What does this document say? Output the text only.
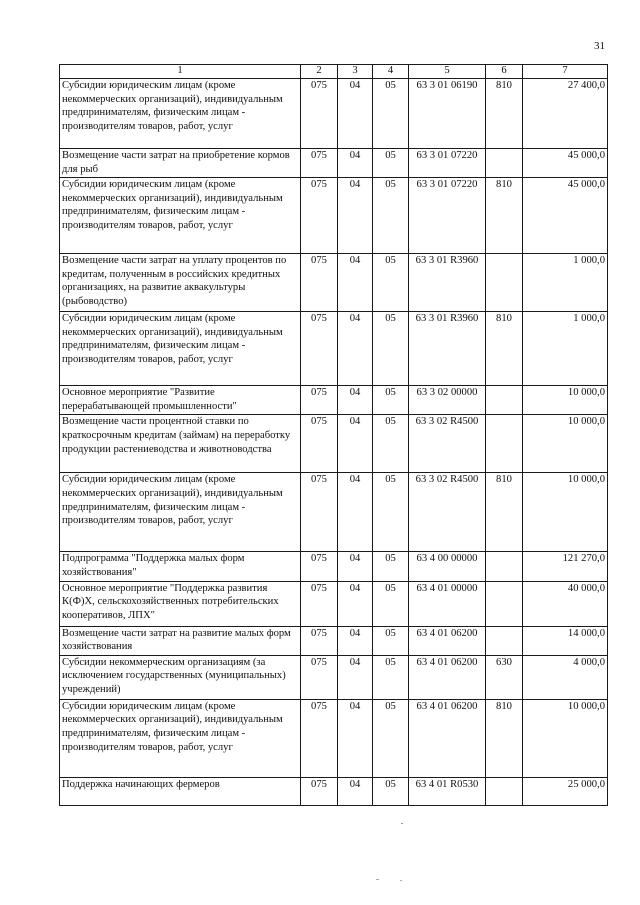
31
1	2	3	4	5	6	7
Субсидии юридическим лицам (кроме некоммерческих организаций), индивидуальным предпринимателям, физическим лицам - производителям товаров, работ, услуг	075	04	05	63 3 01 06190	810	27 400,0
Возмещение части затрат на приобретение кормов для рыб	075	04	05	63 3 01 07220		45 000,0
Субсидии юридическим лицам (кроме некоммерческих организаций), индивидуальным предпринимателям, физическим лицам - производителям товаров, работ, услуг	075	04	05	63 3 01 07220	810	45 000,0
Возмещение части затрат на уплату процентов по кредитам, полученным в российских кредитных организациях, на развитие аквакультуры (рыбоводство)	075	04	05	63 3 01 R3960		1 000,0
Субсидии юридическим лицам (кроме некоммерческих организаций), индивидуальным предпринимателям, физическим лицам - производителям товаров, работ, услуг	075	04	05	63 3 01 R3960	810	1 000,0
Основное мероприятие "Развитие перерабатывающей промышленности"	075	04	05	63 3 02 00000		10 000,0
Возмещение части процентной ставки по краткосрочным кредитам (займам) на переработку продукции растениеводства и животноводства	075	04	05	63 3 02 R4500		10 000,0
Субсидии юридическим лицам (кроме некоммерческих организаций), индивидуальным предпринимателям, физическим лицам - производителям товаров, работ, услуг	075	04	05	63 3 02 R4500	810	10 000,0
Подпрограмма "Поддержка малых форм хозяйствования"	075	04	05	63 4 00 00000		121 270,0
Основное мероприятие "Поддержка развития К(Ф)Х, сельскохозяйственных потребительских кооперативов, ЛПХ"	075	04	05	63 4 01 00000		40 000,0
Возмещение части затрат на развитие малых форм хозяйствования	075	04	05	63 4 01 06200		14 000,0
Субсидии некоммерческим организациям (за исключением государственных (муниципальных) учреждений)	075	04	05	63 4 01 06200	630	4 000,0
Субсидии юридическим лицам (кроме некоммерческих организаций), индивидуальным предпринимателям, физическим лицам - производителям товаров, работ, услуг	075	04	05	63 4 01 06200	810	10 000,0
Поддержка начинающих фермеров	075	04	05	63 4 01 R0530		25 000,0
